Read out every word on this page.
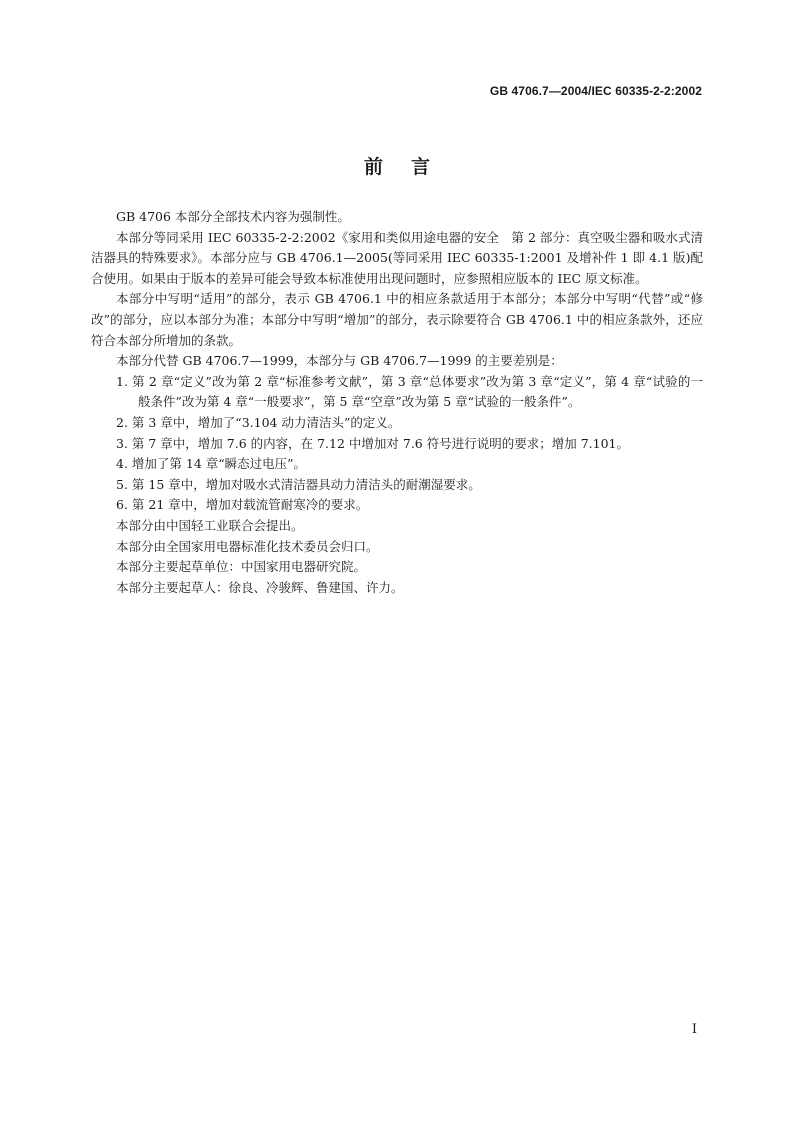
GB 4706.7—2004/IEC 60335-2-2:2002
前言

GB 4706 本部分全部技术内容为强制性。

本部分等同采用 IEC 60335-2-2:2002《家用和类似用途电器的安全　第 2 部分：真空吸尘器和吸水式清洁器具的特殊要求》。本部分应与 GB 4706.1—2005(等同采用 IEC 60335-1:2001 及增补件 1 即 4.1 版)配合使用。如果由于版本的差异可能会导致本标准使用出现问题时，应参照相应版本的 IEC 原文标准。

本部分中写明“适用”的部分，表示 GB 4706.1 中的相应条款适用于本部分；本部分中写明“代替”或“修改”的部分，应以本部分为准；本部分中写明“增加”的部分，表示除要符合 GB 4706.1 中的相应条款外，还应符合本部分所增加的条款。

本部分代替 GB 4706.7—1999，本部分与 GB 4706.7—1999 的主要差别是：

1. 第 2 章“定义”改为第 2 章“标准参考文献”，第 3 章“总体要求”改为第 3 章“定义”，第 4 章“试验的一般条件”改为第 4 章“一般要求”，第 5 章“空章”改为第 5 章“试验的一般条件”。

2. 第 3 章中，增加了“3.104 动力清洁头”的定义。

3. 第 7 章中，增加 7.6 的内容，在 7.12 中增加对 7.6 符号进行说明的要求；增加 7.101。

4. 增加了第 14 章“瞬态过电压”。

5. 第 15 章中，增加对吸水式清洁器具动力清洁头的耐潮湿要求。

6. 第 21 章中，增加对载流管耐寒冷的要求。

本部分由中国轻工业联合会提出。

本部分由全国家用电器标准化技术委员会归口。

本部分主要起草单位：中国家用电器研究院。

本部分主要起草人：徐良、冷骏辉、鲁建国、许力。

I
